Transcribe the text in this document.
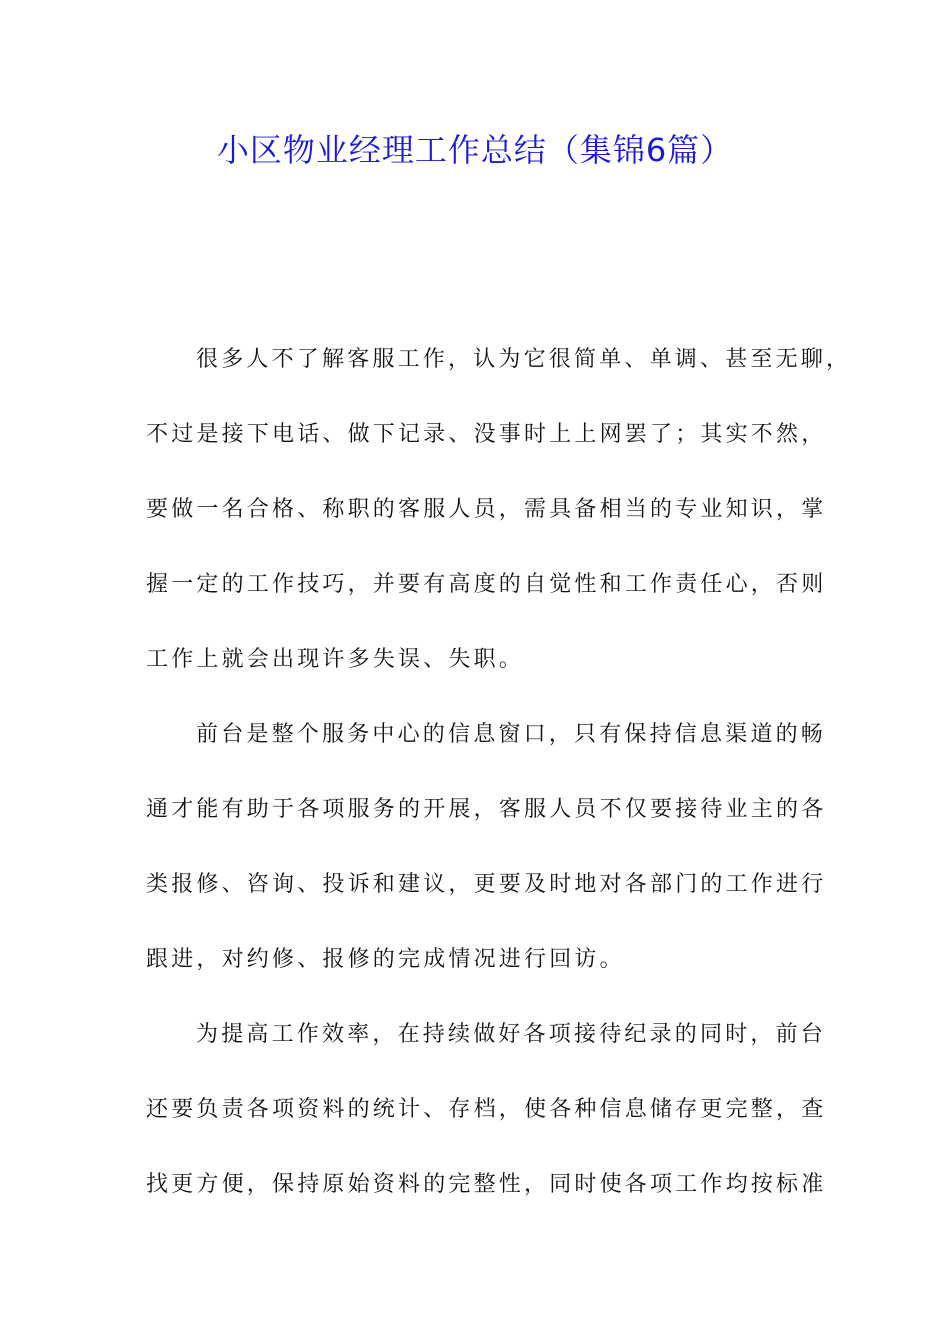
小区物业经理工作总结（集锦6篇）
很多人不了解客服工作，认为它很简单、单调、甚至无聊，
不过是接下电话、做下记录、没事时上上网罢了；其实不然，
要做一名合格、称职的客服人员，需具备相当的专业知识，掌
握一定的工作技巧，并要有高度的自觉性和工作责任心，否则
工作上就会出现许多失误、失职。
前台是整个服务中心的信息窗口，只有保持信息渠道的畅
通才能有助于各项服务的开展，客服人员不仅要接待业主的各
类报修、咨询、投诉和建议，更要及时地对各部门的工作进行
跟进，对约修、报修的完成情况进行回访。
为提高工作效率，在持续做好各项接待纪录的同时，前台
还要负责各项资料的统计、存档，使各种信息储存更完整，查
找更方便，保持原始资料的完整性，同时使各项工作均按标准
